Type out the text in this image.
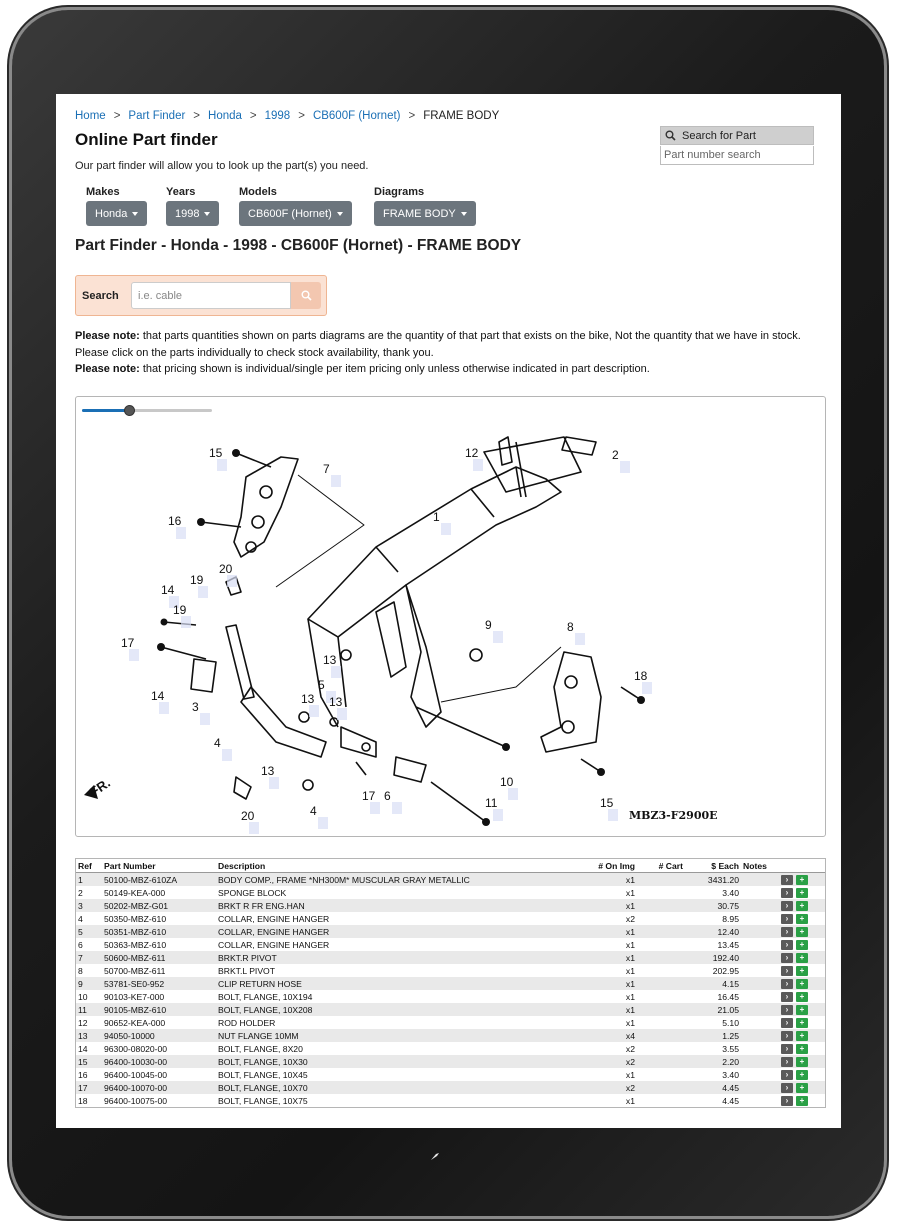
Home > Part Finder > Honda > 1998 > CB600F (Hornet) > FRAME BODY
Online Part finder
Our part finder will allow you to look up the part(s) you need.
Search for Part
Part number search
Makes
Honda
Years
1998
Models
CB600F (Hornet)
Diagrams
FRAME BODY
Part Finder - Honda - 1998 - CB600F (Hornet) - FRAME BODY
Search
i.e. cable
Please note: that parts quantities shown on parts diagrams are the quantity of that part that exists on the bike, Not the quantity that we have in stock.
Please click on the parts individually to check stock availability, thank you.
Please note: that pricing shown is individual/single per item pricing only unless otherwise indicated in part description.
15
7
12	2
1
16
20
19
14
19
17
14
3
4
13
5
13 13
9	8
18
13
20	4
17 6
10
11	15
FR.
MBZ3-F2900E
Ref	Part Number	Description	# On Img	# Cart	$ Each	Notes	
1	50100-MBZ-610ZA	BODY COMP., FRAME *NH300M* MUSCULAR GRAY METALLIC	x1		3431.20		› +
2	50149-KEA-000	SPONGE BLOCK	x1		3.40		› +
3	50202-MBZ-G01	BRKT R FR ENG.HAN	x1		30.75		› +
4	50350-MBZ-610	COLLAR, ENGINE HANGER	x2		8.95		› +
5	50351-MBZ-610	COLLAR, ENGINE HANGER	x1		12.40		› +
6	50363-MBZ-610	COLLAR, ENGINE HANGER	x1		13.45		› +
7	50600-MBZ-611	BRKT.R PIVOT	x1		192.40		› +
8	50700-MBZ-611	BRKT.L PIVOT	x1		202.95		› +
9	53781-SE0-952	CLIP RETURN HOSE	x1		4.15		› +
10	90103-KE7-000	BOLT, FLANGE, 10X194	x1		16.45		› +
11	90105-MBZ-610	BOLT, FLANGE, 10X208	x1		21.05		› +
12	90652-KEA-000	ROD HOLDER	x1		5.10		› +
13	94050-10000	NUT FLANGE 10MM	x4		1.25		› +
14	96300-08020-00	BOLT, FLANGE, 8X20	x2		3.55		› +
15	96400-10030-00	BOLT, FLANGE, 10X30	x2		2.20		› +
16	96400-10045-00	BOLT, FLANGE, 10X45	x1		3.40		› +
17	96400-10070-00	BOLT, FLANGE, 10X70	x2		4.45		› +
18	96400-10075-00	BOLT, FLANGE, 10X75	x1		4.45		› +
